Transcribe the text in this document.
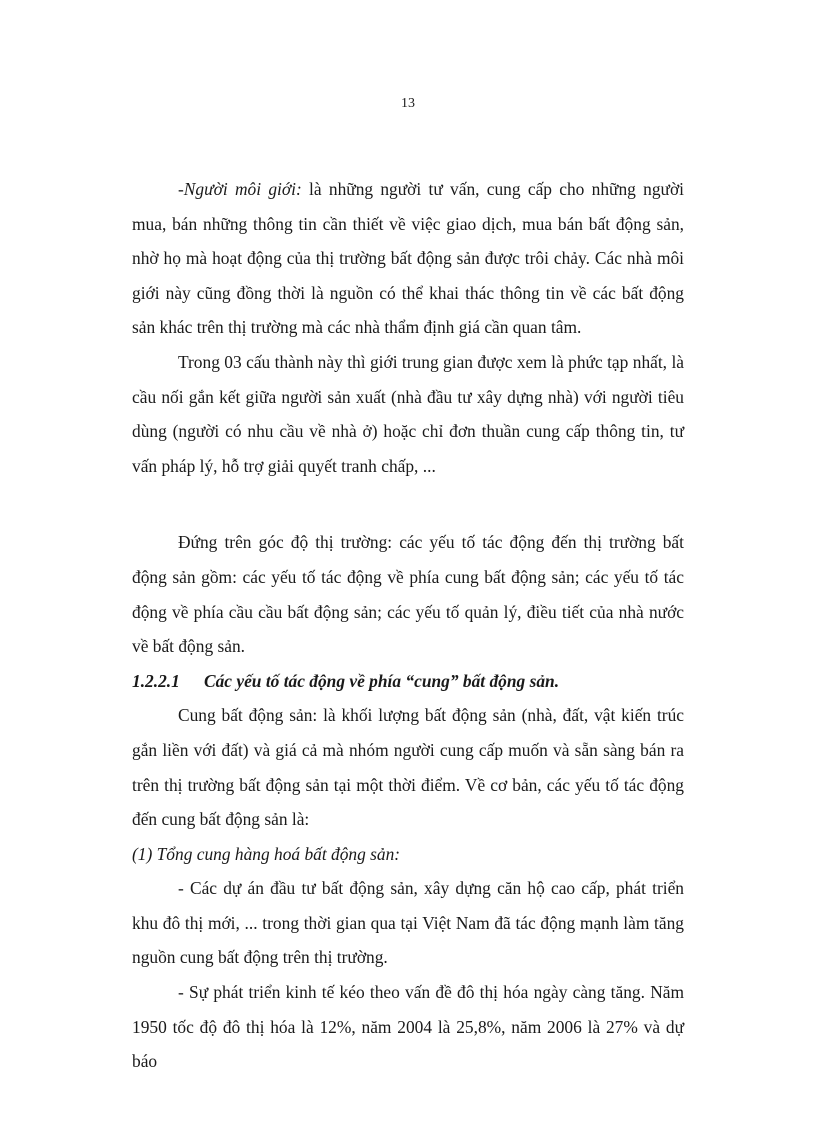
13

-Người môi giới: là những người tư vấn, cung cấp cho những người mua, bán những thông tin cần thiết về việc giao dịch, mua bán bất động sản, nhờ họ mà hoạt động của thị trường bất động sản được trôi chảy. Các nhà môi giới này cũng đồng thời là nguồn có thể khai thác thông tin về các bất động sản khác trên thị trường mà các nhà thẩm định giá cần quan tâm.

Trong 03 cấu thành này thì giới trung gian được xem là phức tạp nhất, là cầu nối gắn kết giữa người sản xuất (nhà đầu tư xây dựng nhà) với người tiêu dùng (người có nhu cầu về nhà ở) hoặc chỉ đơn thuần cung cấp thông tin, tư vấn pháp lý, hỗ trợ giải quyết tranh chấp, ...

Đứng trên góc độ thị trường: các yếu tố tác động đến thị trường bất động sản gồm: các yếu tố tác động về phía cung bất động sản; các yếu tố tác động về phía cầu cầu bất động sản; các yếu tố quản lý, điều tiết của nhà nước về bất động sản.

1.2.2.1	Các yếu tố tác động về phía “cung” bất động sản.

Cung bất động sản: là khối lượng bất động sản (nhà, đất, vật kiến trúc gắn liền với đất) và giá cả mà nhóm người cung cấp muốn và sẵn sàng bán ra trên thị trường bất động sản tại một thời điểm. Về cơ bản, các yếu tố tác động đến cung bất động sản là:

(1) Tổng cung hàng hoá bất động sản:

- Các dự án đầu tư bất động sản, xây dựng căn hộ cao cấp, phát triển khu đô thị mới, ... trong thời gian qua tại Việt Nam đã tác động mạnh làm tăng nguồn cung bất động trên thị trường.

- Sự phát triển kinh tế kéo theo vấn đề đô thị hóa ngày càng tăng. Năm 1950 tốc độ đô thị hóa là 12%, năm 2004 là 25,8%, năm 2006 là 27% và dự báo
